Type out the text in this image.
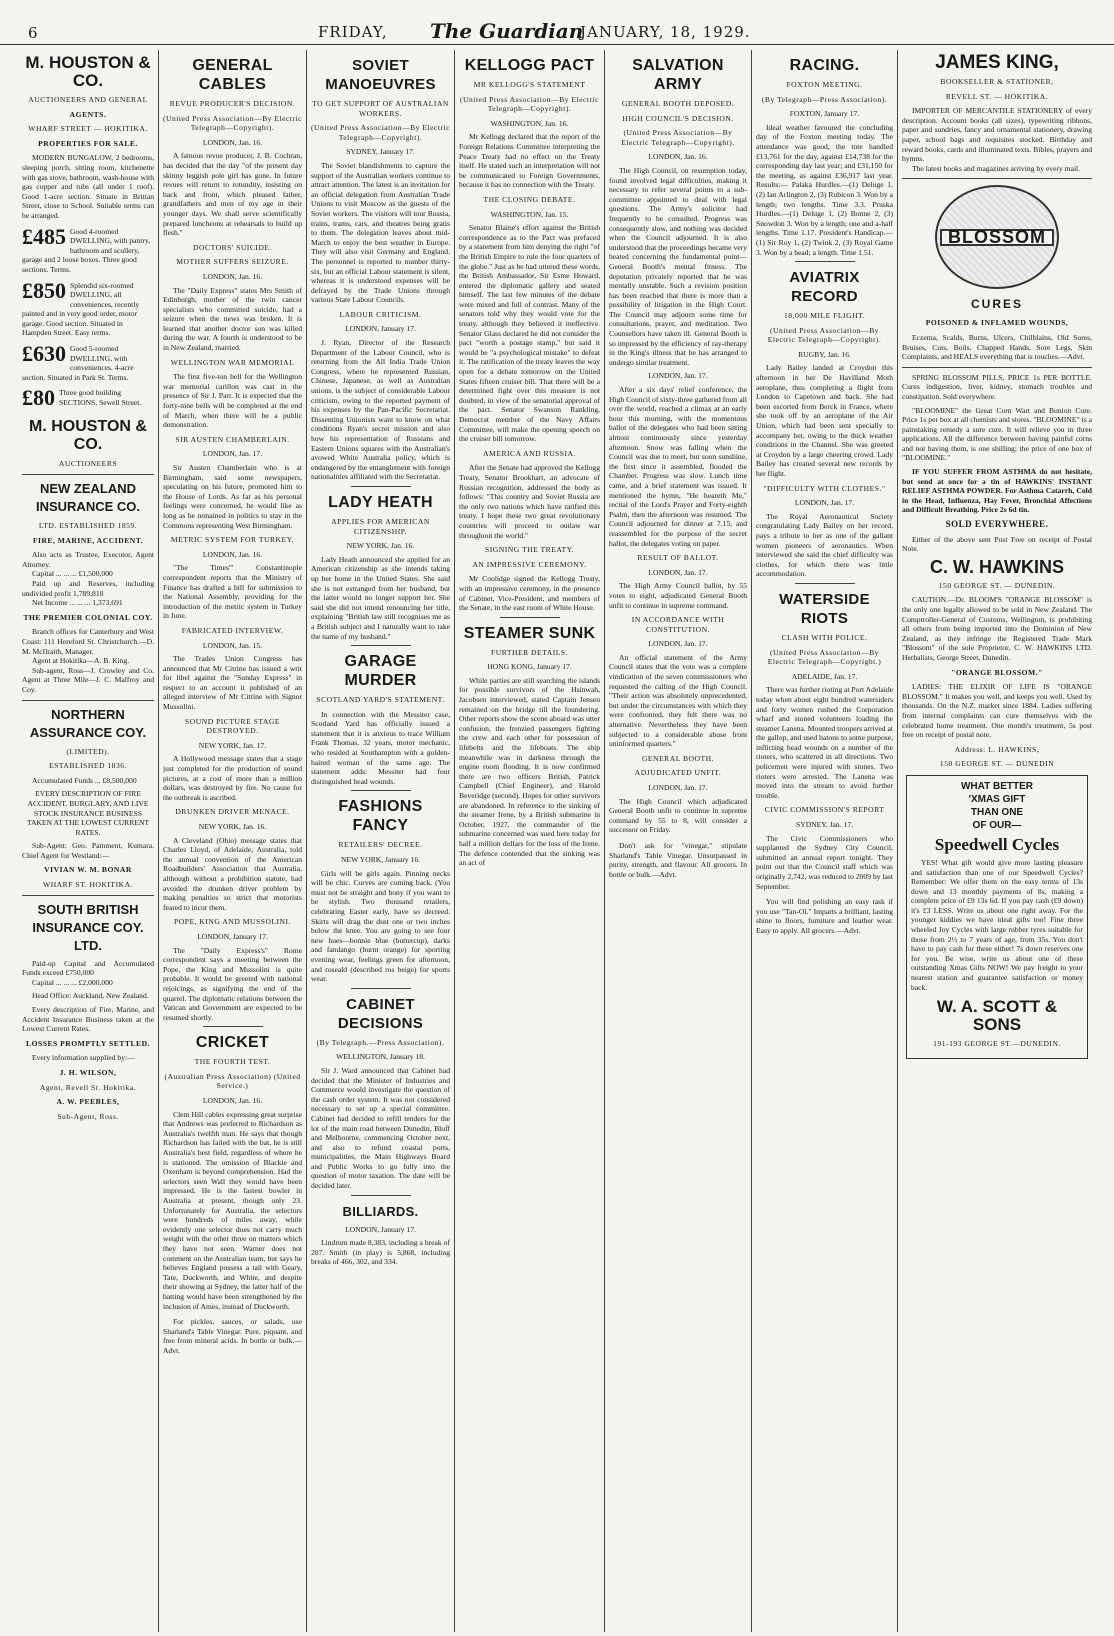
6	FRIDAY, The Guardian
JANUARY, 18, 1929.
M. HOUSTON & CO.
AUCTIONEERS AND GENERAL
AGENTS.
WHARF STREET — HOKITIKA.
PROPERTIES FOR SALE.

MODERN BUNGALOW, 2 bedrooms, sleeping porch, sitting room, kitchenette with gas stove, bathroom, wash-house with gas copper and tubs (all under 1 roof). Good 1-acre section. Situate in Brittan Street, close to School. Suitable terms can be arranged.

£485 Good 4-roomed DWELLING, with pantry, bathroom and scullery, garage and 2 loose boxes. Three good sections. Terms.
£850 Splendid six-roomed DWELLING, all conveniences, recently painted and in very good order, motor garage. Good section. Situated in Hampden Street. Easy terms.
£630 Good 5-roomed DWELLING, with conveniences. 4-acre section. Situated in Park St. Terms.
£80 Three good building SECTIONS, Sewell Street.
M. HOUSTON & CO.
AUCTIONEERS
NEW ZEALAND INSURANCE CO.
LTD. ESTABLISHED 1859.
FIRE, MARINE, ACCIDENT.

Also acts as Trustee, Executor, Agent Attorney.

Capital ... ... ... £1,500,000

Paid up and Reserves, including undivided profit 1,789,810

Net Income ... ... ... 1,373,691

THE PREMIER COLONIAL COY.

Branch offices for Canterbury and West Coast: 111 Hereford St. Christchurch.—D. M. McIlraith, Manager.

Agent at Hokitika—A. B. King.

Sub-agent, Ross—J. Crowley and Co. Agent at Three Mile—J. C. Malfroy and Coy.

NORTHERN ASSURANCE COY.
(LIMITED).
ESTABLISHED 1836.

Accumulated Funds ... £8,500,000

EVERY DESCRIPTION OF FIRE ACCIDENT, BURGLARY, AND LIVE STOCK INSURANCE BUSINESS TAKEN AT THE LOWEST CURRENT RATES.

Sub-Agent: Geo. Pamment, Kumara. Chief Agent for Westland:—

VIVIAN W. M. BONAR
WHARF ST. HOKITIKA.
SOUTH BRITISH INSURANCE COY. LTD.

Paid-up Capital and Accumulated Funds exceed £750,000

Capital ... ... ... £2,000,000

Head Office: Auckland, New Zealand.

Every description of Fire, Marine, and Accident Insurance Business taken at the Lowest Current Rates.

LOSSES PROMPTLY SETTLED.

Every information supplied by:—

J. H. WILSON,
Agent, Revell St. Hokitika.
A. W. PEEBLES,
Sub-Agent, Ross.
GENERAL CABLES
REVUE PRODUCER'S DECISION.
(United Press Association—By Electric Telegraph—Copyright).
LONDON, Jan. 16.

A famous revue producer, J. B. Cochran, has decided that the day "of the present day skinny leggish pole girl has gone. In future revues will return to rotundity, insisting on back and front, which pleased father, grandfathers and men of my age in their younger days. We shall serve scientifically prepared luncheons at rehearsals to build up flesh."

DOCTORS' SUICIDE.
MOTHER SUFFERS SEIZURE.
LONDON, Jan. 16.

The "Daily Express" states Mrs Smith of Edinburgh, mother of the twin cancer specialists who committed suicide, had a seizure when the news was broken. It is learned that another doctor son was killed during the war. A fourth is understood to be in New Zealand, married.

WELLINGTON WAR MEMORIAL

The first five-ton bell for the Wellington war memorial carillon was cast in the presence of Sir J. Parr. It is expected that the forty-nine bells will be completed at the end of March, when there will be a public demonstration.

SIR AUSTEN CHAMBERLAIN.
LONDON, Jan. 17.

Sir Austen Chamberlain who is at Birmingham, said some newspapers, speculating on his future, promoted him to the House of Lords. As far as his personal feelings were concerned, he would like as long as he remained in politics to stay in the Commons representing West Birmingham.

METRIC SYSTEM FOR TURKEY.
LONDON, Jan. 16.

"The Times'" Constantinople correspondent reports that the Ministry of Finance has drafted a bill for submission to the National Assembly, providing for the introduction of the metric system in Turkey in June.

FABRICATED INTERVIEW.
LONDON, Jan. 15.

The Trades Union Congress has announced that Mr Citrine has issued a writ for libel against the "Sunday Express" in respect to an account it published of an alleged interview of Mr Citrine with Signor Mussolini.

SOUND PICTURE STAGE DESTROYED.
NEW YORK, Jan. 17.

A Hollywood message states that a stage just completed for the production of sound pictures, at a cost of more than a million dollars, was destroyed by fire. No cause for the outbreak is ascribed.

DRUNKEN DRIVER MENACE.
NEW YORK, Jan. 16.

A Cleveland (Ohio) message states that Charles Lloyd, of Adelaide, Australia, told the annual convention of the American Roadbuilders' Association that Australia, although without a prohibition statute, had avoided the drunken driver problem by making penalties so strict that motorists feared to incur them.

POPE, KING AND MUSSOLINI.
LONDON, January 17.

The "Daily Express's" Rome correspondent says a meeting between the Pope, the King and Mussolini is quite probable. It would be greeted with national rejoicings, as signifying the end of the quarrel. The diplomatic relations between the Vatican and Government are expected to be resumed shortly.

CRICKET
THE FOURTH TEST.
(Australian Press Association) (United Service.)
LONDON, Jan. 16.

Clem Hill cables expressing great surprise that Andrews was preferred to Richardson as Australia's twelfth man. He says that though Richardson has failed with the bat, he is still Australia's best field, regardless of where he is stationed. The omission of Blackie and Oxenham is beyond comprehension. Had the selectors seen Wall they would have been impressed. He is the fastest bowler in Australia at present, though only 23. Unfortunately for Australia, the selectors were hundreds of miles away, while evidently one selector does not carry much weight with the other three on matters which they have not seen. Warner does not comment on the Australian team, but says he believes England possess a tail with Geary, Tate, Duckworth, and White, and despite their showing at Sydney, the latter half of the batting would have been strengthened by the inclusion of Ames, instead of Duckworth.

For pickles, sauces, or salads, use Sharland's Table Vinegar. Pure, piquant, and free from mineral acids. In bottle or bulk.—Advt.

SOVIET MANOEUVRES
TO GET SUPPORT OF AUSTRALIAN WORKERS.
(United Press Association—By Electric Telegraph—Copyright).
SYDNEY, January 17.

The Soviet blandishments to capture the support of the Australian workers continue to attract attention. The latest is an invitation for an official delegation from Australian Trade Unions to visit Moscow as the guests of the Soviet workers. The visitors will tour Russia, trains, trams, cars, and theatres being gratis to them. The delegation leaves about mid-March to enjoy the best weather in Europe. They will also visit Germany and England. The personnel is reported to number thirty-six, but an official Labour statement is silent, whereas it is understood expenses will be defrayed by the Trade Unions through various State Labour Councils.

LABOUR CRITICISM.
LONDON, January 17.

J. Ryan, Director of the Research Department of the Labour Council, who is returning from the All India Trade Union Congress, where he represented Russian, Chinese, Japanese, as well as Australian unions, is the subject of considerable Labour criticism, owing to the reported payment of his expenses by the Pan-Pacific Secretariat. Dissenting Unionists want to know on what conditions Ryan's secret mission and also how his representation of Russians and Eastern Unions squares with the Australian's avowed White Australia policy, which is endangered by the entanglement with foreign nationalities affiliated with the Secretariat.

LADY HEATH
APPLIES FOR AMERICAN CITIZENSHIP.
NEW YORK, Jan. 16.

Lady Heath announced she applied for an American citizenship as she intends taking up her home in the United States. She said she is not estranged from her husband, but the latter would no longer support her. She said she did not intend renouncing her title, explaining "British law still recognises me as a British subject and I naturally want to take the name of my husband."

GARAGE MURDER
SCOTLAND YARD'S STATEMENT.

In connection with the Messiter case, Scotland Yard has officially issued a statement that it is anxious to trace William Frank Thomas, 32 years, motor mechanic, who resided at Southampton with a golden-haired woman of the same age. The statement adds: Messiter had four distinguished head wounds.

FASHIONS FANCY
RETAILERS' DECREE.
NEW YORK, January 16.

Girls will be girls again. Pinning necks will be chic. Curves are coming back. (You must not be straight and bony if you want to be stylish. Two thousand retailers, celebrating Easter early, have so decreed. Skirts will drag the dust one or two inches below the knee. You are going to see four new hues—bonnie blue (buttercup), darks and fandango (burnt orange) for sporting evening wear, feelings green for afternoon, and roseald (described ros beige) for sports wear.

CABINET DECISIONS
(By Telegraph.—Press Association).
WELLINGTON, January 18.

Sir J. Ward announced that Cabinet had decided that the Minister of Industries and Commerce would investigate the question of the cash order system. It was not considered necessary to set up a special committee. Cabinet had decided to refill tenders for the lot of the main road between Dunedin, Bluff and Melbourne, commencing October next, and also to refund coastal ports, municipalities, the Main Highways Board and Public Works to go fully into the question of motor taxation. The date will be decided later.

BILLIARDS.
LONDON, January 17.

Lindrum made 8,383, including a break of 207. Smith (in play) is 5,868, including breaks of 466, 302, and 334.

KELLOGG PACT
MR KELLOGG'S STATEMENT
(United Press Association—By Electric Telegraph—Copyright).
WASHINGTON, Jan. 16.

Mr Kellogg declared that the report of the Foreign Relations Committee interpreting the Peace Treaty had no effect on the Treaty itself. He stated such an interpretation will not be communicated to Foreign Governments, because it has no connection with the Treaty.

THE CLOSING DEBATE.
WASHINGTON, Jan. 15.

Senator Blaine's effort against the British correspondence as to the Pact was prefaced by a statement from him denying the right "of the British Empire to rule the four quarters of the globe." Just as he had uttered these words, the British Ambassador, Sir Esme Howard, entered the diplomatic gallery and seated himself. The last few minutes of the debate were mixed and full of contrast. Many of the senators told why they would vote for the treaty, although they believed it ineffective. Senator Glass declared he did not consider the pact "worth a postage stamp," but said it would be "a psychological mistake" to defeat it. The ratification of the treaty leaves the way open for a debate tomorrow on the United States fifteen cruiser bill. That there will be a determined fight over this measure is not doubted, in view of the senatorial approval of the pact. Senator Swanson Rankling, Democrat member of the Navy Affairs Committee, will make the opening speech on the cruiser bill tomorrow.

AMERICA AND RUSSIA.

After the Senate had approved the Kellogg Treaty, Senator Brookhart, an advocate of Russian recognition, addressed the body as follows: "This country and Soviet Russia are the only two nations which have ratified this treaty. I hope these two great revolutionary countries will proceed to outlaw war throughout the world."

SIGNING THE TREATY.
AN IMPRESSIVE CEREMONY.

Mr Coolidge signed the Kellogg Treaty, with an impressive ceremony, in the presence of Cabinet, Vice-President, and members of the Senate, in the east room of White House.

STEAMER SUNK
FURTHER DETAILS.
HONG KONG, January 17.

While parties are still searching the islands for possible survivors of the Hsinwah, Jacobsen interviewed, stated Captain Jensen remained on the bridge till the foundering. Other reports show the scene aboard was utter confusion, the frenzied passengers fighting the crew and each other for possession of lifebelts and the lifeboats. The ship meanwhile was in darkness through the engine room flooding. It is now confirmed there are two officers British, Patrick Campbell (Chief Engineer), and Harold Beveridge (second). Hopes for other survivors are abandoned. In reference to the sinking of the steamer Irene, by a British submarine in October, 1927, the commander of the submarine concerned was sued here today for half a million dollars for the loss of the Irene. The defence contended that the sinking was an act of

SALVATION ARMY
GENERAL BOOTH DEPOSED.
HIGH COUNCIL'S DECISION.
(United Press Association—By Electric Telegraph—Copyright).
LONDON, Jan. 16.

The High Council, on resumption today, found involved legal difficulties, making it necessary to refer several points to a sub-committee appointed to deal with legal questions. The Army's solicitor had frequently to be consulted. Progress was consequently slow, and nothing was decided when the Council adjourned. It is also understood that the proceedings became very heated concerning the fundamental point—General Booth's mental fitness. The deputation privately reported that he was mentally unstable. Such a revision position has been reached that there is more than a possibility of litigation in the High Court. The Council may adjourn some time for consultations, prayer, and meditation. Two Counsellors have taken ill. General Booth is so impressed by the efficiency of ray-therapy in the King's illness that he has arranged to undergo similar treatment.

LONDON, Jan. 17.

After a six days' relief conference, the High Council of sixty-three gathered from all over the world, reached a climax at an early hour this morning, with the momentous ballot of the delegates who had been sitting almost continuously since yesterday afternoon. Snow was falling when the Council was due to meet, but soon sunshine, the first since it assembled, flooded the Chamber. Progress was slow. Lunch time came, and a brief statement was issued. It mentioned the hymn, "He heareth Me," recital of the Lord's Prayer and Forty-eighth Psalm, then the afternoon was resumed. The Council adjourned for dinner at 7.15, and reassembled for the purpose of the secret ballot, the delegates voting on paper.

RESULT OF BALLOT.
LONDON, Jan. 17.

The High Army Council ballot, by 55 votes to eight, adjudicated General Booth unfit to continue in supreme command.

IN ACCORDANCE WITH CONSTITUTION.
LONDON, Jan. 17.

An official statement of the Army Council states that the vote was a complete vindication of the seven commissioners who requested the calling of the High Council. "Their action was absolutely unprecedented, but under the circumstances with which they were confronted, they felt there was no alternative. Nevertheless they have been subjected to a considerable abuse from uninformed quarters."

GENERAL BOOTH.
ADJUDICATED UNFIT.
LONDON, Jan. 17.

The High Council which adjudicated General Booth unfit to continue in supreme command by 55 to 8, will consider a successor on Friday.

Don't ask for "vinegar," stipulate Sharland's Table Vinegar. Unsurpassed in purity, strength, and flavour. All grocers. In bottle or bulk.—Advt.

RACING.
FOXTON MEETING.
(By Telegraph—Press Association).
FOXTON, January 17.

Ideal weather favoured the concluding day of the Foxton meeting today. The attendance was good, the tote handled £13,761 for the day, against £14,738 for the corresponding day last year; and £31,150 for the meeting, as against £36,917 last year. Results:— Palaka Hurdles.—(1) Deluge 1, (2) Ian Arlington 2, (3) Rubicon 3. Won by a length; two lengths. Time 3.3. Pruska Hurdles.—(1) Deluge 1, (2) Bonne 2, (3) Snowdon 3. Won by a length; one and a-half lengths. Time 1.17. President's Handicap.—(1) Sir Roy 1, (2) Twink 2, (3) Royal Game 3. Won by a head; a length. Time 1.51.

AVIATRIX RECORD
18,000 MILE FLIGHT.
(United Press Association—By Electric Telegraph—Copyright).
RUGBY, Jan. 16.

Lady Bailey landed at Croydon this afternoon in her De Havilland Moth aeroplane, thus completing a flight from London to Capetown and back. She had been escorted from Berck in France, where she took off by an aeroplane of the Air Union, which had been sent specially to accompany her, owing to the thick weather conditions in the Channel. She was greeted at Croydon by a large cheering crowd. Lady Bailey has created several new records by her flight.

"DIFFICULTY WITH CLOTHES."
LONDON, Jan. 17.

The Royal Aeronautical Society congratulating Lady Bailey on her record, pays a tribute to her as one of the gallant women pioneers of aeronautics. When interviewed she said the chief difficulty was clothes, for which there was little accommodation.

WATERSIDE RIOTS
CLASH WITH POLICE.
(United Press Association—By Electric Telegraph—Copyright.)
ADELAIDE, Jan. 17.

There was further rioting at Port Adelaide today when about eight hundred watersiders and forty women rushed the Corporation wharf and stoned volunteers loading the steamer Lanena. Mounted troopers arrived at the gallop, and used batons to some purpose, inflicting head wounds on a number of the rioters, who scattered in all directions. Two policemen were injured with stones. Two rioters were arrested. The Lanena was moved into the stream to avoid further trouble.

CIVIC COMMISSION'S REPORT
SYDNEY, Jan. 17.

The Civic Commissioners who supplanted the Sydney City Council, submitted an annual report tonight. They point out that the Council staff which was originally 2,742, was reduced to 2009 by last September.

You will find polishing an easy task if you use "Tan-Ol." Imparts a brilliant, lasting shine to floors, furniture and leather wear. Easy to apply. All grocers.—Advt.

JAMES KING,
BOOKSELLER & STATIONER,
REVELL ST. — HOKITIKA.

IMPORTER OF MERCANTILE STATIONERY of every description. Account books (all sizes), typewriting ribbons, paper and sundries, fancy and ornamental stationery, drawing paper, school bags and requisites stocked. Birthday and reward books, cards and illuminated texts. Bibles, prayers and hymns.

The latest books and magazines arriving by every mail.

BLOSSOM
CURES
POISONED & INFLAMED WOUNDS,

Eczema, Scalds, Burns, Ulcers, Chilblains, Old Sores, Bruises, Cuts, Boils, Chapped Hands, Sore Legs, Skin Complaints, and HEALS everything that is touches.—Advt.

SPRING BLOSSOM PILLS, PRICE 1s PER BOTTLE. Cures indigestion, liver, kidney, stomach troubles and constipation. Sold everywhere.

"BLOOMINE" the Great Corn Wart and Bunion Cure. Price 1s per box at all chemists and stores. "BLOOMINE" is a painstaking remedy a sure cure. It will relieve you in three applications. All the difference between having painful corns and not having them, is one shilling; the price of one box of "BLOOMINE."

IF YOU SUFFER FROM ASTHMA do not hesitate, but send at once for a tin of HAWKINS' INSTANT RELIEF ASTHMA POWDER. For Asthma Catarrh, Cold in the Head, Influenza, Hay Fever, Bronchial Affections and Difficult Breathing. Price 2s 6d tin.

SOLD EVERYWHERE.

Either of the above sent Post Free on receipt of Postal Note.

C. W. HAWKINS
150 GEORGE ST. — DUNEDIN.

CAUTION.—Dr. BLOOM'S "ORANGE BLOSSOM" is the only one legally allowed to be sold in New Zealand. The Comptroller-General of Customs, Wellington, is prohibiting all others from being imported into the Dominion of New Zealand, as they infringe the Registered Trade Mark "Blossom" of the sole Proprietor, C. W. HAWKINS LTD. Herbalists, George Street, Dunedin.

"ORANGE BLOSSOM."

LADIES: THE ELIXIR OF LIFE IS "ORANGE BLOSSOM." It makes you well, and keeps you well. Used by thousands. On the N.Z. market since 1884. Ladies suffering from internal complaints can cure themselves with the celebrated home treatment. One month's treatment, 5s post free on receipt of postal note.

Address: L. HAWKINS,
150 GEORGE ST. — DUNEDIN
WHAT BETTER
'XMAS GIFT
THAN ONE
OF OUR—
Speedwell Cycles

YES! What gift would give more lasting pleasure and satisfaction than one of our Speedwell Cycles? Remember: We offer them on the easy terms of 13s down and 13 monthly payments of 8s, making a complete price of £9 13s 6d. If you pay cash (£9 down) it's £3 LESS. Write us about one right away. For the younger kiddies we have ideal gifts too! Fine three wheeled Joy Cycles with large rubber tyres suitable for those from 2½ to 7 years of age, from 35s. You don't have to pay cash for these either! 7s down reserves one for you. Be wise, write us about one of these outstanding Xmas Gifts NOW! We pay freight to your nearest station and guarantee satisfaction or money back.

W. A. SCOTT & SONS
191-193 GEORGE ST.—DUNEDIN.
